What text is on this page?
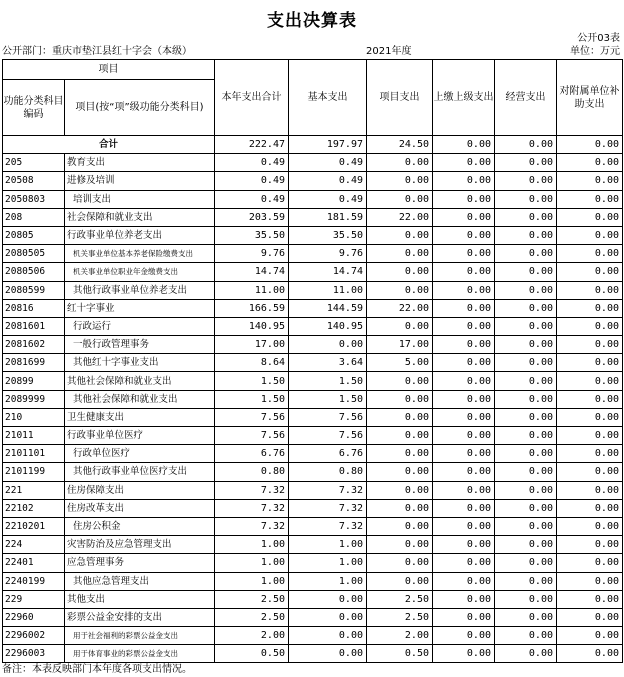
支出决算表
公开03表
公开部门：重庆市垫江县红十字会（本级）	2021年度	单位：万元
项目		本年支出合计	基本支出	项目支出	上缴上级支出	经营支出	对附属单位补助支出
功能分类科目编码	项目(按“项”级功能分类科目)						
合计		222.47	197.97	24.50	0.00	0.00	0.00
205	教育支出	0.49	0.49	0.00	0.00	0.00	0.00
20508	进修及培训	0.49	0.49	0.00	0.00	0.00	0.00
2050803	培训支出	0.49	0.49	0.00	0.00	0.00	0.00
208	社会保障和就业支出	203.59	181.59	22.00	0.00	0.00	0.00
20805	行政事业单位养老支出	35.50	35.50	0.00	0.00	0.00	0.00
2080505	机关事业单位基本养老保险缴费支出	9.76	9.76	0.00	0.00	0.00	0.00
2080506	机关事业单位职业年金缴费支出	14.74	14.74	0.00	0.00	0.00	0.00
2080599	其他行政事业单位养老支出	11.00	11.00	0.00	0.00	0.00	0.00
20816	红十字事业	166.59	144.59	22.00	0.00	0.00	0.00
2081601	行政运行	140.95	140.95	0.00	0.00	0.00	0.00
2081602	一般行政管理事务	17.00	0.00	17.00	0.00	0.00	0.00
2081699	其他红十字事业支出	8.64	3.64	5.00	0.00	0.00	0.00
20899	其他社会保障和就业支出	1.50	1.50	0.00	0.00	0.00	0.00
2089999	其他社会保障和就业支出	1.50	1.50	0.00	0.00	0.00	0.00
210	卫生健康支出	7.56	7.56	0.00	0.00	0.00	0.00
21011	行政事业单位医疗	7.56	7.56	0.00	0.00	0.00	0.00
2101101	行政单位医疗	6.76	6.76	0.00	0.00	0.00	0.00
2101199	其他行政事业单位医疗支出	0.80	0.80	0.00	0.00	0.00	0.00
221	住房保障支出	7.32	7.32	0.00	0.00	0.00	0.00
22102	住房改革支出	7.32	7.32	0.00	0.00	0.00	0.00
2210201	住房公积金	7.32	7.32	0.00	0.00	0.00	0.00
224	灾害防治及应急管理支出	1.00	1.00	0.00	0.00	0.00	0.00
22401	应急管理事务	1.00	1.00	0.00	0.00	0.00	0.00
2240199	其他应急管理支出	1.00	1.00	0.00	0.00	0.00	0.00
229	其他支出	2.50	0.00	2.50	0.00	0.00	0.00
22960	彩票公益金安排的支出	2.50	0.00	2.50	0.00	0.00	0.00
2296002	用于社会福利的彩票公益金支出	2.00	0.00	2.00	0.00	0.00	0.00
2296003	用于体育事业的彩票公益金支出	0.50	0.00	0.50	0.00	0.00	0.00
备注：本表反映部门本年度各项支出情况。
